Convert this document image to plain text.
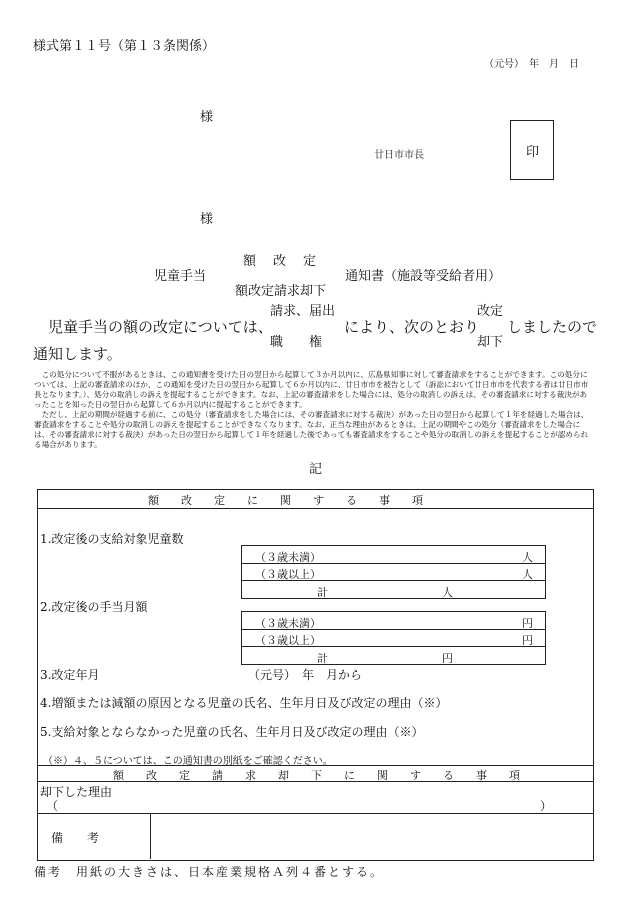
様式第１１号（第１３条関係）
（元号）　年　月　日
様
廿日市市長	印
様
額　改　定
児童手当	通知書（施設等受給者用）
額改定請求却下
請求、届出	改定
　児童手当の額の改定については、	により、次のとおり しましたので
職　　権	却下
通知します。

この処分について不服があるときは、この通知書を受けた日の翌日から起算して３か月以内に、広島県知事に対して審査請求をすることができます。この処分については、上記の審査請求のほか、この通知を受けた日の翌日から起算して６か月以内に、廿日市市を被告として（訴訟において廿日市市を代表する者は廿日市市長となります。）、処分の取消しの訴えを提起することができます。なお、上記の審査請求をした場合には、処分の取消しの訴えは、その審査請求に対する裁決があったことを知った日の翌日から起算して６か月以内に提起することができます。

ただし、上記の期間が経過する前に、この処分（審査請求をした場合には、その審査請求に対する裁決）があった日の翌日から起算して１年を経過した場合は、審査請求をすることや処分の取消しの訴えを提起することができなくなります。なお、正当な理由があるときは、上記の期間やこの処分（審査請求をした場合には、その審査請求に対する裁決）があった日の翌日から起算して１年を経過した後であっても審査請求をすることや処分の取消しの訴えを提起することが認められる場合があります。

記
額　　改　　定　　に　　関　　す　　る　　事　　項
1.改定後の支給対象児童数
（３歳未満）	人
（３歳以上）	人
計	人
2.改定後の手当月額
（３歳未満）	円
（３歳以上）	円
計	円
3.改定年月	（元号）　年　月から
4.増額または減額の原因となる児童の氏名、生年月日及び改定の理由（※）
5.支給対象とならなかった児童の氏名、生年月日及び改定の理由（※）
（※）４、５については、この通知書の別紙をご確認ください。
額　　改　　定　　請　　求　　却　　下　　に　　関　　す　　る　　事　　項
却下した理由
（	）
備　　考
備考　用紙の大きさは、日本産業規格Ａ列４番とする。
